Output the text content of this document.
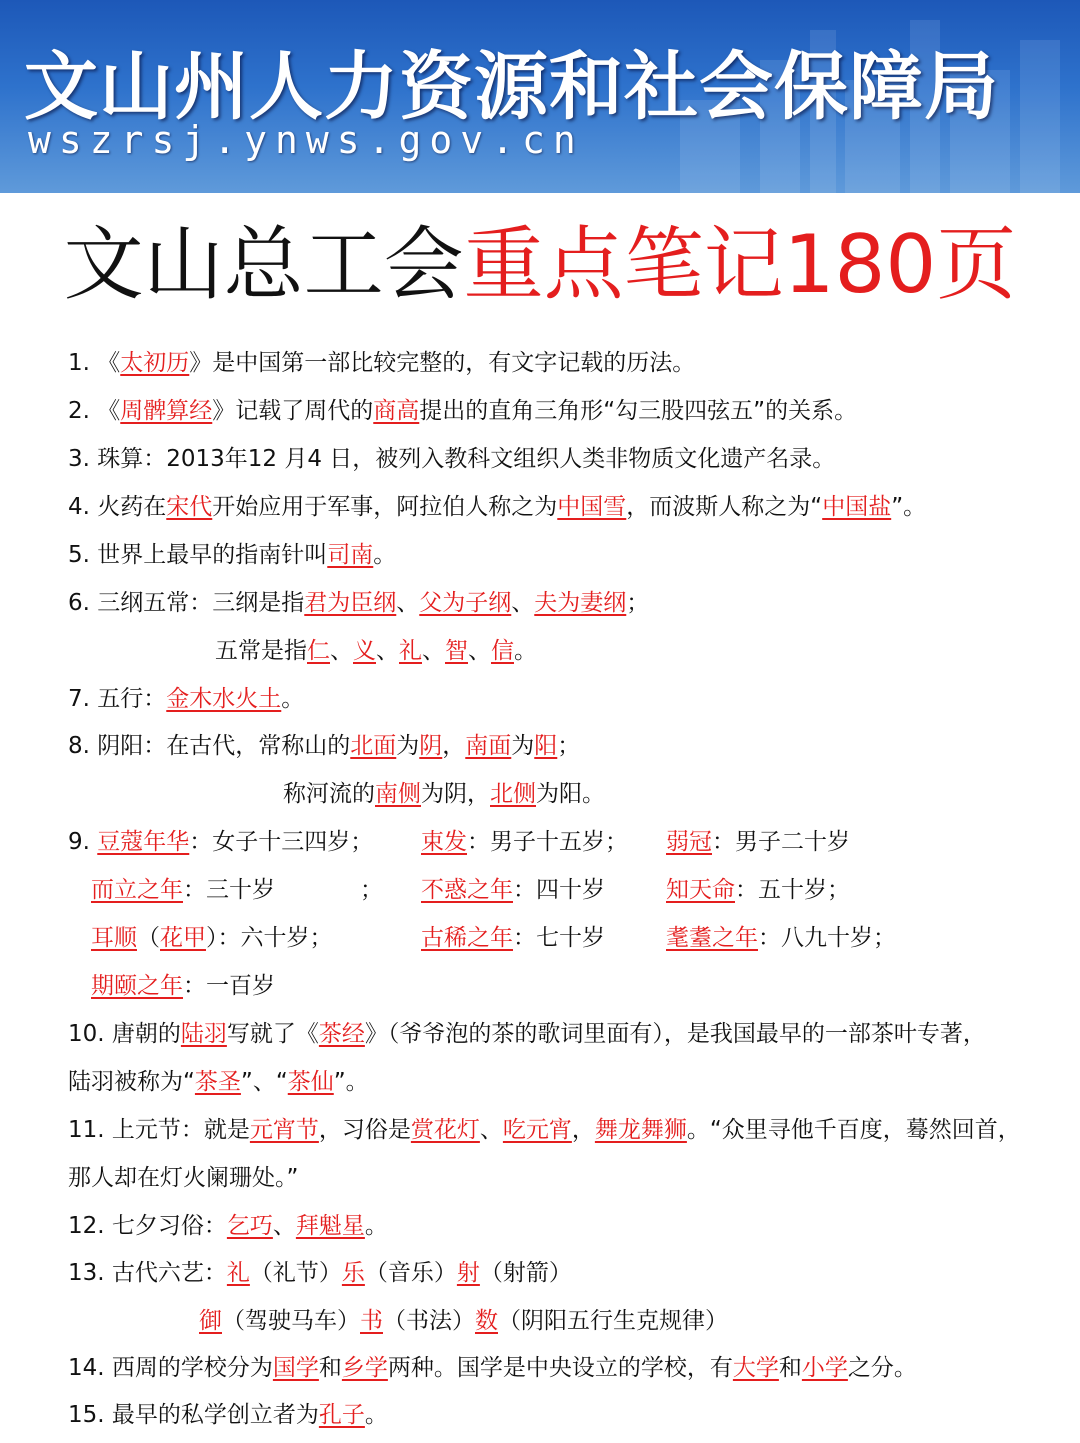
文山州人力资源和社会保障局
wszrsj.ynws.gov.cn
文山总工会重点笔记180页
1. 《太初历》是中国第一部比较完整的，有文字记载的历法。
2. 《周髀算经》记载了周代的商高提出的直角三角形“勾三股四弦五”的关系。
3. 珠算：2013年12 月4 日，被列入教科文组织人类非物质文化遗产名录。
4. 火药在宋代开始应用于军事，阿拉伯人称之为中国雪，而波斯人称之为“中国盐”。
5. 世界上最早的指南针叫司南。
6. 三纲五常：三纲是指君为臣纲、父为子纲、夫为妻纲；
五常是指仁、义、礼、智、信。
7. 五行：金木水火土。
8. 阴阳：在古代，常称山的北面为阴，南面为阳；
称河流的南侧为阴，北侧为阳。
9. 豆蔻年华：女子十三四岁； 束发：男子十五岁； 弱冠：男子二十岁
而立之年：三十岁	； 不惑之年：四十岁	知天命：五十岁；
耳顺（花甲）：六十岁；	古稀之年：七十岁	耄耋之年：八九十岁；
期颐之年：一百岁
10. 唐朝的陆羽写就了《茶经》（爷爷泡的茶的歌词里面有），是我国最早的一部茶叶专著，
陆羽被称为“茶圣”、“茶仙”。
11. 上元节：就是元宵节，习俗是赏花灯、吃元宵，舞龙舞狮。“众里寻他千百度，蓦然回首，
那人却在灯火阑珊处。”
12. 七夕习俗：乞巧、拜魁星。
13. 古代六艺：礼（礼节）乐（音乐）射（射箭）
御（驾驶马车）书（书法）数（阴阳五行生克规律）
14. 西周的学校分为国学和乡学两种。国学是中央设立的学校，有大学和小学之分。
15. 最早的私学创立者为孔子。
